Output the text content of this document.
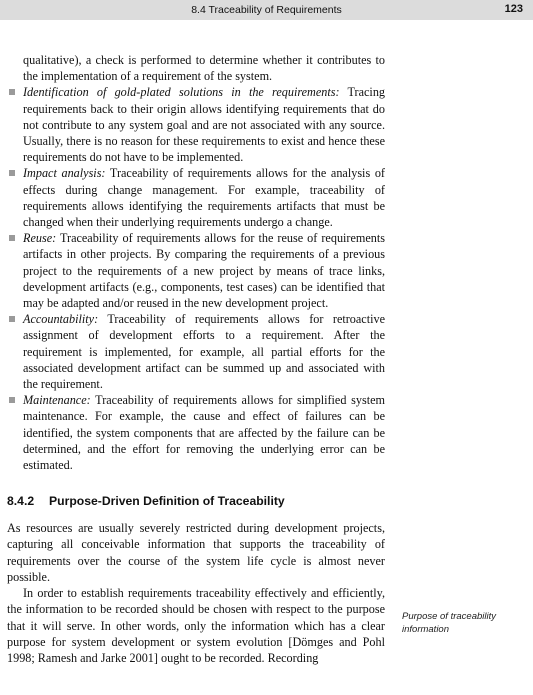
8.4 Traceability of Requirements	123

qualitative), a check is performed to determine whether it contributes to the implementation of a requirement of the system.

Identification of gold-plated solutions in the requirements: Tracing requirements back to their origin allows identifying requirements that do not contribute to any system goal and are not associated with any source. Usually, there is no reason for these requirements to exist and hence these requirements do not have to be implemented.
Impact analysis: Traceability of requirements allows for the analysis of effects during change management. For example, traceability of requirements allows identifying the requirements artifacts that must be changed when their underlying requirements undergo a change.
Reuse: Traceability of requirements allows for the reuse of requirements artifacts in other projects. By comparing the requirements of a previous project to the requirements of a new project by means of trace links, development artifacts (e.g., components, test cases) can be identified that may be adapted and/or reused in the new development project.
Accountability: Traceability of requirements allows for retroactive assignment of development efforts to a requirement. After the requirement is implemented, for example, all partial efforts for the associated development artifact can be summed up and associated with the requirement.
Maintenance: Traceability of requirements allows for simplified system maintenance. For example, the cause and effect of failures can be identified, the system components that are affected by the failure can be determined, and the effort for removing the underlying error can be estimated.
8.4.2 Purpose-Driven Definition of Traceability

As resources are usually severely restricted during development projects, capturing all conceivable information that supports the traceability of requirements over the course of the system life cycle is almost never possible.

In order to establish requirements traceability effectively and efficiently, the information to be recorded should be chosen with respect to the purpose that it will serve. In other words, only the information which has a clear purpose for system development or system evolution [Dömges and Pohl 1998; Ramesh and Jarke 2001] ought to be recorded. Recording

Purpose of traceability information
